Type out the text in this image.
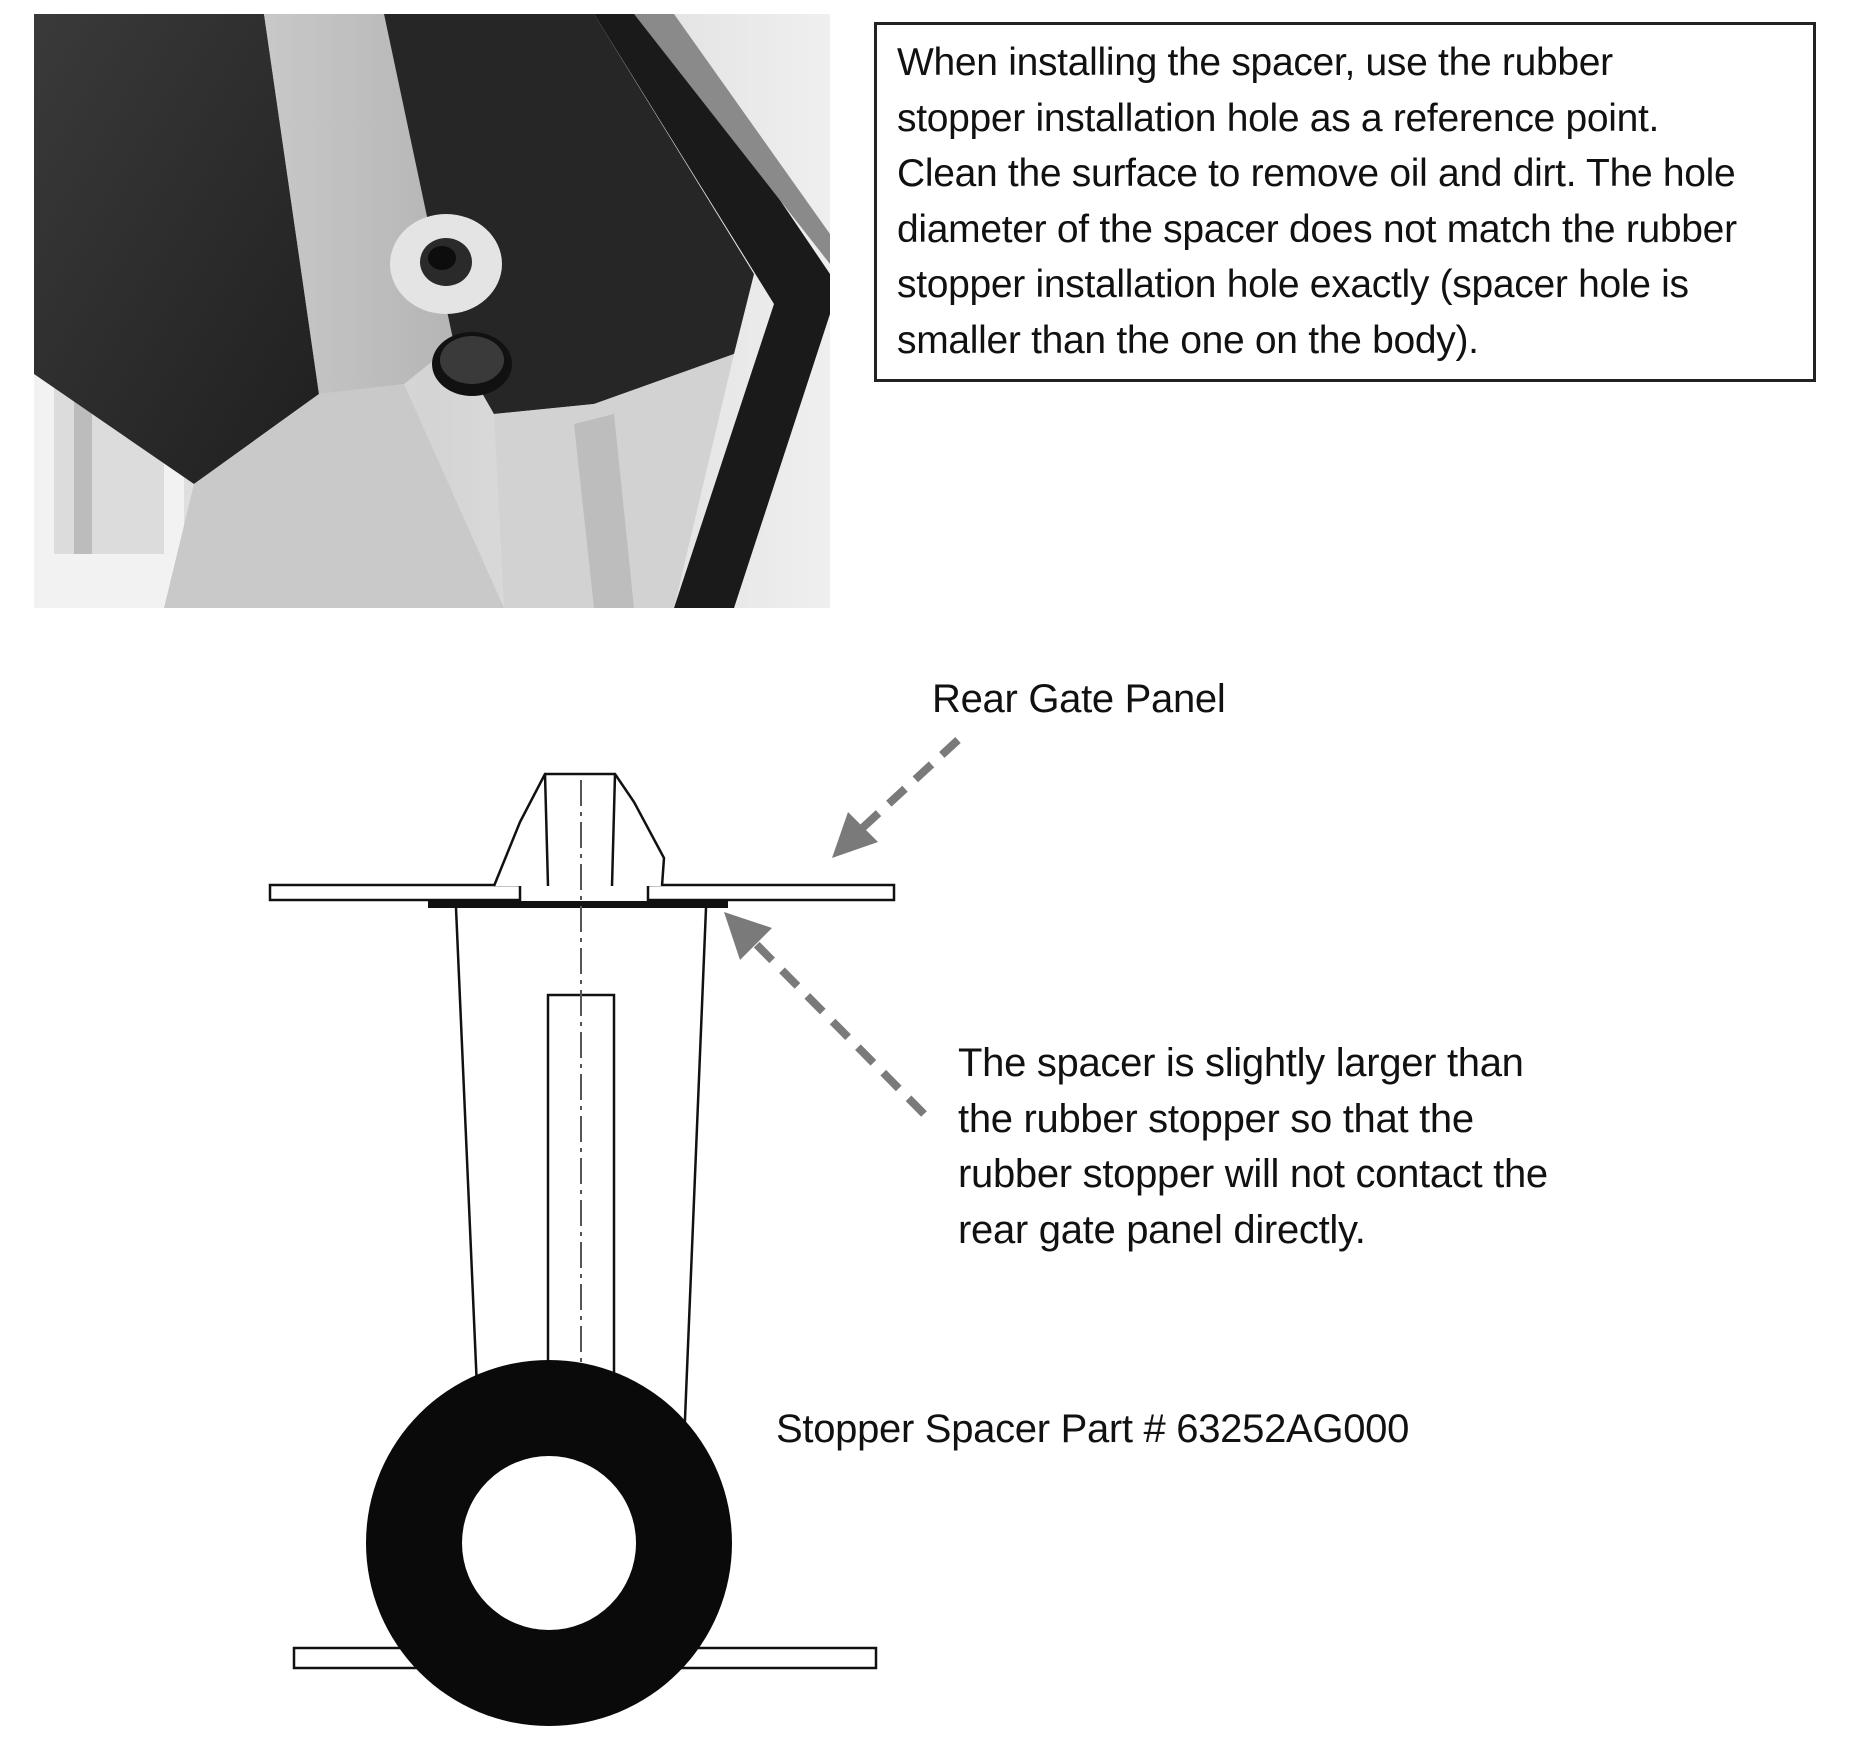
When installing the spacer, use the rubber
stopper installation hole as a reference point.
Clean the surface to remove oil and dirt. The hole
diameter of the spacer does not match the rubber
stopper installation hole exactly (spacer hole is
smaller than the one on the body).
Rear Gate Panel
The spacer is slightly larger than
the rubber stopper so that the
rubber stopper will not contact the
rear gate panel directly.
Stopper Spacer Part # 63252AG000
